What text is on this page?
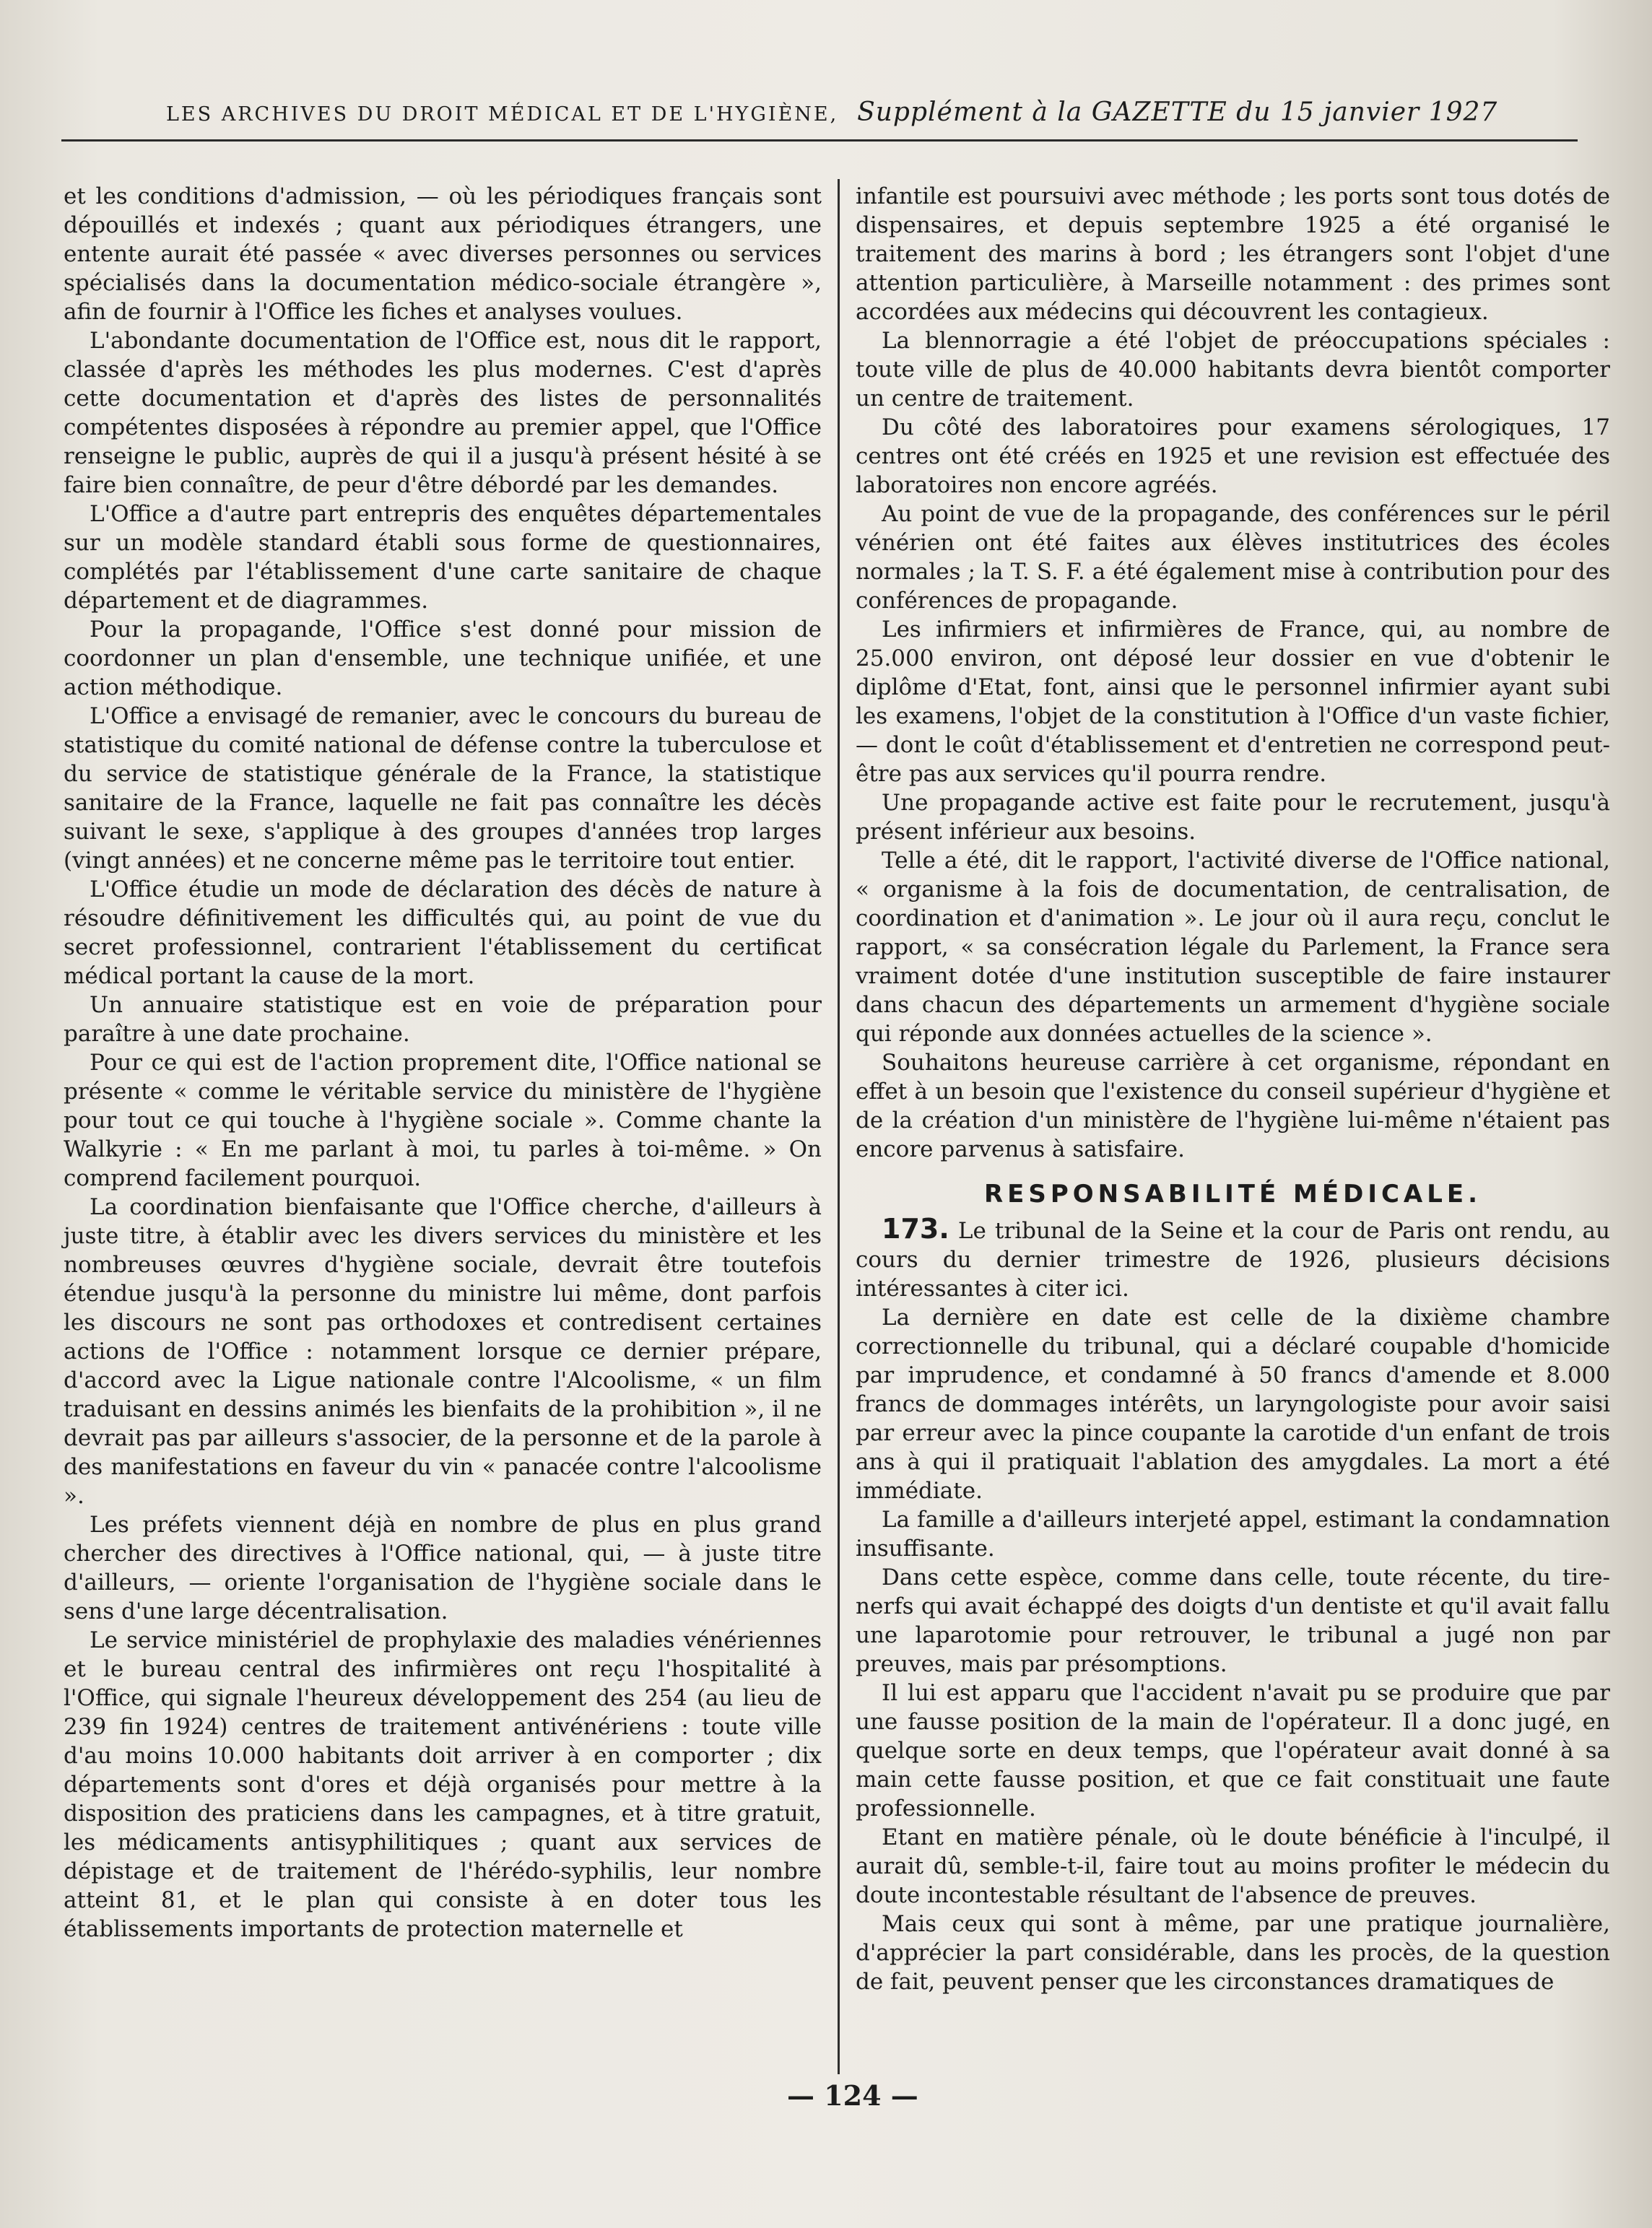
LES ARCHIVES DU DROIT MÉDICAL ET DE L'HYGIÈNE, Supplément à la GAZETTE du 15 janvier 1927

et les conditions d'admission, — où les périodiques français sont dépouillés et indexés ; quant aux périodiques étrangers, une entente aurait été passée « avec diverses personnes ou services spécialisés dans la documentation médico-sociale étrangère », afin de fournir à l'Office les fiches et analyses voulues.

L'abondante documentation de l'Office est, nous dit le rapport, classée d'après les méthodes les plus modernes. C'est d'après cette documentation et d'après des listes de personnalités compétentes disposées à répondre au premier appel, que l'Office renseigne le public, auprès de qui il a jusqu'à présent hésité à se faire bien connaître, de peur d'être débordé par les demandes.

L'Office a d'autre part entrepris des enquêtes départementales sur un modèle standard établi sous forme de questionnaires, complétés par l'établissement d'une carte sanitaire de chaque département et de diagrammes.

Pour la propagande, l'Office s'est donné pour mission de coordonner un plan d'ensemble, une technique unifiée, et une action méthodique.

L'Office a envisagé de remanier, avec le concours du bureau de statistique du comité national de défense contre la tuberculose et du service de statistique générale de la France, la statistique sanitaire de la France, laquelle ne fait pas connaître les décès suivant le sexe, s'applique à des groupes d'années trop larges (vingt années) et ne concerne même pas le territoire tout entier.

L'Office étudie un mode de déclaration des décès de nature à résoudre définitivement les difficultés qui, au point de vue du secret professionnel, contrarient l'établissement du certificat médical portant la cause de la mort.

Un annuaire statistique est en voie de préparation pour paraître à une date prochaine.

Pour ce qui est de l'action proprement dite, l'Office national se présente « comme le véritable service du ministère de l'hygiène pour tout ce qui touche à l'hygiène sociale ». Comme chante la Walkyrie : « En me parlant à moi, tu parles à toi-même. » On comprend facilement pourquoi.

La coordination bienfaisante que l'Office cherche, d'ailleurs à juste titre, à établir avec les divers services du ministère et les nombreuses œuvres d'hygiène sociale, devrait être toutefois étendue jusqu'à la personne du ministre lui même, dont parfois les discours ne sont pas orthodoxes et contredisent certaines actions de l'Office : notamment lorsque ce dernier prépare, d'accord avec la Ligue nationale contre l'Alcoolisme, « un film traduisant en dessins animés les bienfaits de la prohibition », il ne devrait pas par ailleurs s'associer, de la personne et de la parole à des manifestations en faveur du vin « panacée contre l'alcoolisme ».

Les préfets viennent déjà en nombre de plus en plus grand chercher des directives à l'Office national, qui, — à juste titre d'ailleurs, — oriente l'organisation de l'hygiène sociale dans le sens d'une large décentralisation.

Le service ministériel de prophylaxie des maladies vénériennes et le bureau central des infirmières ont reçu l'hospitalité à l'Office, qui signale l'heureux développement des 254 (au lieu de 239 fin 1924) centres de traitement antivénériens : toute ville d'au moins 10.000 habitants doit arriver à en comporter ; dix départements sont d'ores et déjà organisés pour mettre à la disposition des praticiens dans les campagnes, et à titre gratuit, les médicaments antisyphilitiques ; quant aux services de dépistage et de traitement de l'hérédo-syphilis, leur nombre atteint 81, et le plan qui consiste à en doter tous les établissements importants de protection maternelle et

infantile est poursuivi avec méthode ; les ports sont tous dotés de dispensaires, et depuis septembre 1925 a été organisé le traitement des marins à bord ; les étrangers sont l'objet d'une attention particulière, à Marseille notamment : des primes sont accordées aux médecins qui découvrent les contagieux.

La blennorragie a été l'objet de préoccupations spéciales : toute ville de plus de 40.000 habitants devra bientôt comporter un centre de traitement.

Du côté des laboratoires pour examens sérologiques, 17 centres ont été créés en 1925 et une revision est effectuée des laboratoires non encore agréés.

Au point de vue de la propagande, des conférences sur le péril vénérien ont été faites aux élèves institutrices des écoles normales ; la T. S. F. a été également mise à contribution pour des conférences de propagande.

Les infirmiers et infirmières de France, qui, au nombre de 25.000 environ, ont déposé leur dossier en vue d'obtenir le diplôme d'Etat, font, ainsi que le personnel infirmier ayant subi les examens, l'objet de la constitution à l'Office d'un vaste fichier, — dont le coût d'établissement et d'entretien ne correspond peut-être pas aux services qu'il pourra rendre.

Une propagande active est faite pour le recrutement, jusqu'à présent inférieur aux besoins.

Telle a été, dit le rapport, l'activité diverse de l'Office national, « organisme à la fois de documentation, de centralisation, de coordination et d'animation ». Le jour où il aura reçu, conclut le rapport, « sa consécration légale du Parlement, la France sera vraiment dotée d'une institution susceptible de faire instaurer dans chacun des départements un armement d'hygiène sociale qui réponde aux données actuelles de la science ».

Souhaitons heureuse carrière à cet organisme, répondant en effet à un besoin que l'existence du conseil supérieur d'hygiène et de la création d'un ministère de l'hygiène lui-même n'étaient pas encore parvenus à satisfaire.

RESPONSABILITÉ MÉDICALE.

173. Le tribunal de la Seine et la cour de Paris ont rendu, au cours du dernier trimestre de 1926, plusieurs décisions intéressantes à citer ici.

La dernière en date est celle de la dixième chambre correctionnelle du tribunal, qui a déclaré coupable d'homicide par imprudence, et condamné à 50 francs d'amende et 8.000 francs de dommages intérêts, un laryngologiste pour avoir saisi par erreur avec la pince coupante la carotide d'un enfant de trois ans à qui il pratiquait l'ablation des amygdales. La mort a été immédiate.

La famille a d'ailleurs interjeté appel, estimant la condamnation insuffisante.

Dans cette espèce, comme dans celle, toute récente, du tire-nerfs qui avait échappé des doigts d'un dentiste et qu'il avait fallu une laparotomie pour retrouver, le tribunal a jugé non par preuves, mais par présomptions.

Il lui est apparu que l'accident n'avait pu se produire que par une fausse position de la main de l'opérateur. Il a donc jugé, en quelque sorte en deux temps, que l'opérateur avait donné à sa main cette fausse position, et que ce fait constituait une faute professionnelle.

Etant en matière pénale, où le doute bénéficie à l'inculpé, il aurait dû, semble-t-il, faire tout au moins profiter le médecin du doute incontestable résultant de l'absence de preuves.

Mais ceux qui sont à même, par une pratique journalière, d'apprécier la part considérable, dans les procès, de la question de fait, peuvent penser que les circonstances dramatiques de

— 124 —
